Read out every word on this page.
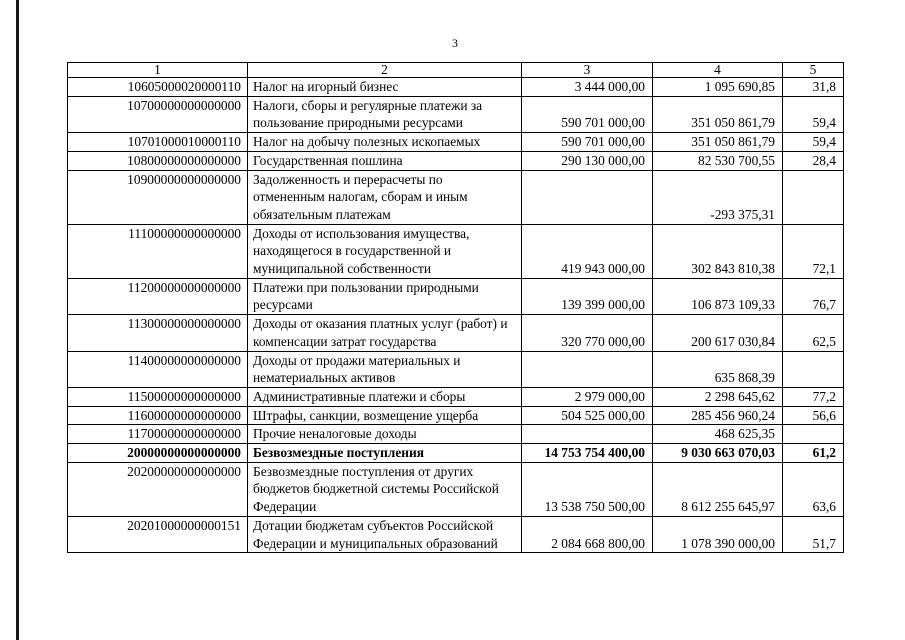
3
1	2	3	4	5
10605000020000110	Налог на игорный бизнес	3 444 000,00	1 095 690,85	31,8
10700000000000000	Налоги, сборы и регулярные платежи за пользование природными ресурсами	590 701 000,00	351 050 861,79	59,4
10701000010000110	Налог на добычу полезных ископаемых	590 701 000,00	351 050 861,79	59,4
10800000000000000	Государственная пошлина	290 130 000,00	82 530 700,55	28,4
10900000000000000	Задолженность и перерасчеты по отмененным налогам, сборам и иным обязательным платежам		-293 375,31	
11100000000000000	Доходы от использования имущества, находящегося в государственной и муниципальной собственности	419 943 000,00	302 843 810,38	72,1
11200000000000000	Платежи при пользовании природными ресурсами	139 399 000,00	106 873 109,33	76,7
11300000000000000	Доходы от оказания платных услуг (работ) и компенсации затрат государства	320 770 000,00	200 617 030,84	62,5
11400000000000000	Доходы от продажи материальных и нематериальных активов		635 868,39	
11500000000000000	Административные платежи и сборы	2 979 000,00	2 298 645,62	77,2
11600000000000000	Штрафы, санкции, возмещение ущерба	504 525 000,00	285 456 960,24	56,6
11700000000000000	Прочие неналоговые доходы		468 625,35	
20000000000000000	Безвозмездные поступления	14 753 754 400,00	9 030 663 070,03	61,2
20200000000000000	Безвозмездные поступления от других бюджетов бюджетной системы Российской Федерации	13 538 750 500,00	8 612 255 645,97	63,6
20201000000000151	Дотации бюджетам субъектов Российской Федерации и муниципальных образований	2 084 668 800,00	1 078 390 000,00	51,7
